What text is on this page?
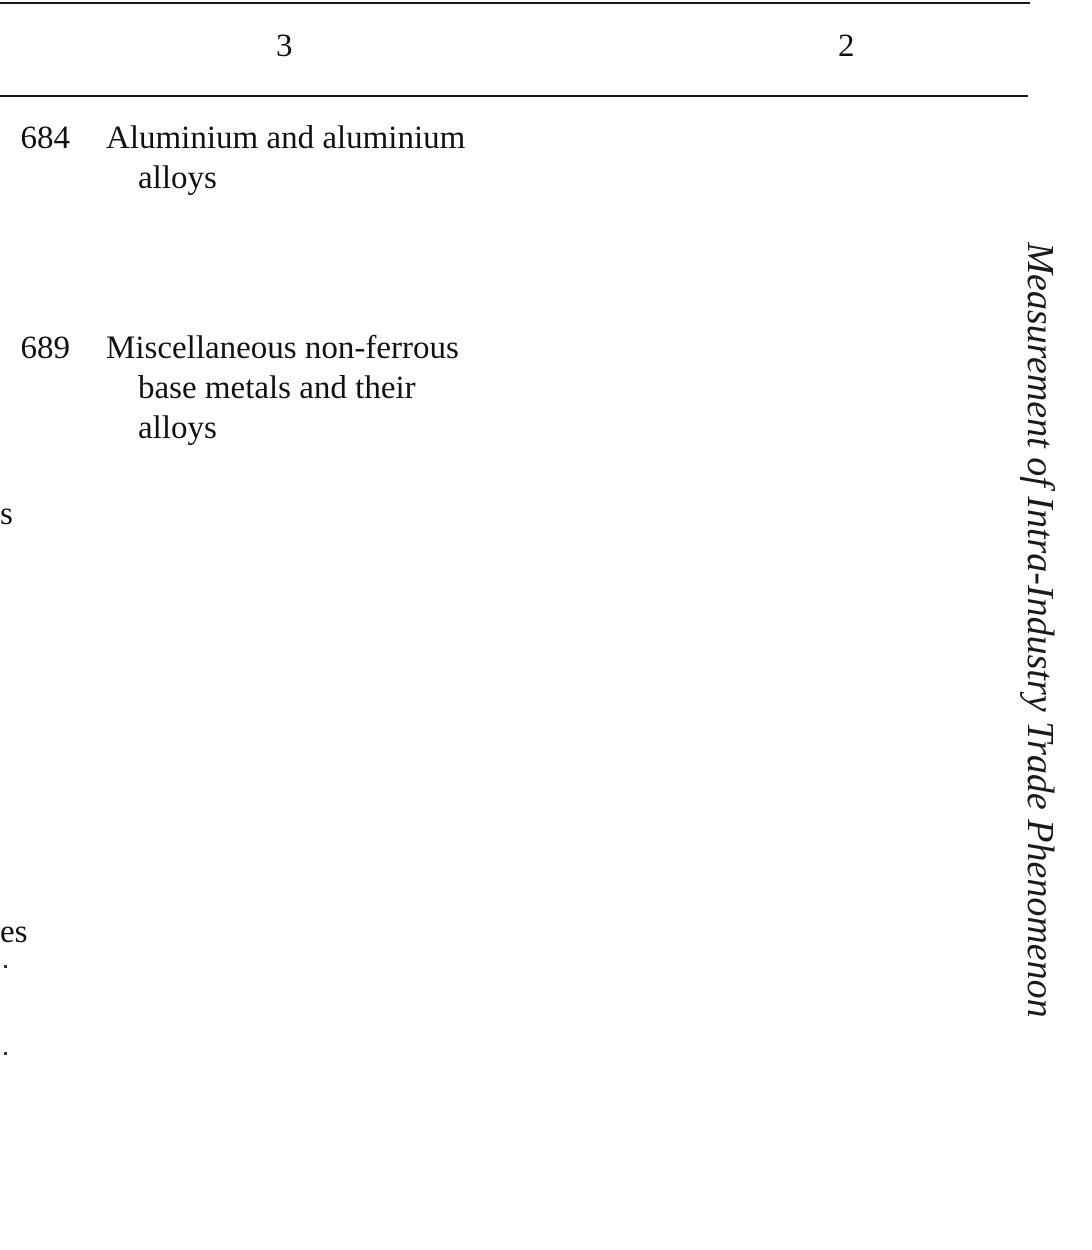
3	2
684 Aluminium and aluminium
alloys
689 Miscellaneous non-ferrous
base metals and their
alloys
s
es	Measurement of Intra-Industry Trade Phenomenon
